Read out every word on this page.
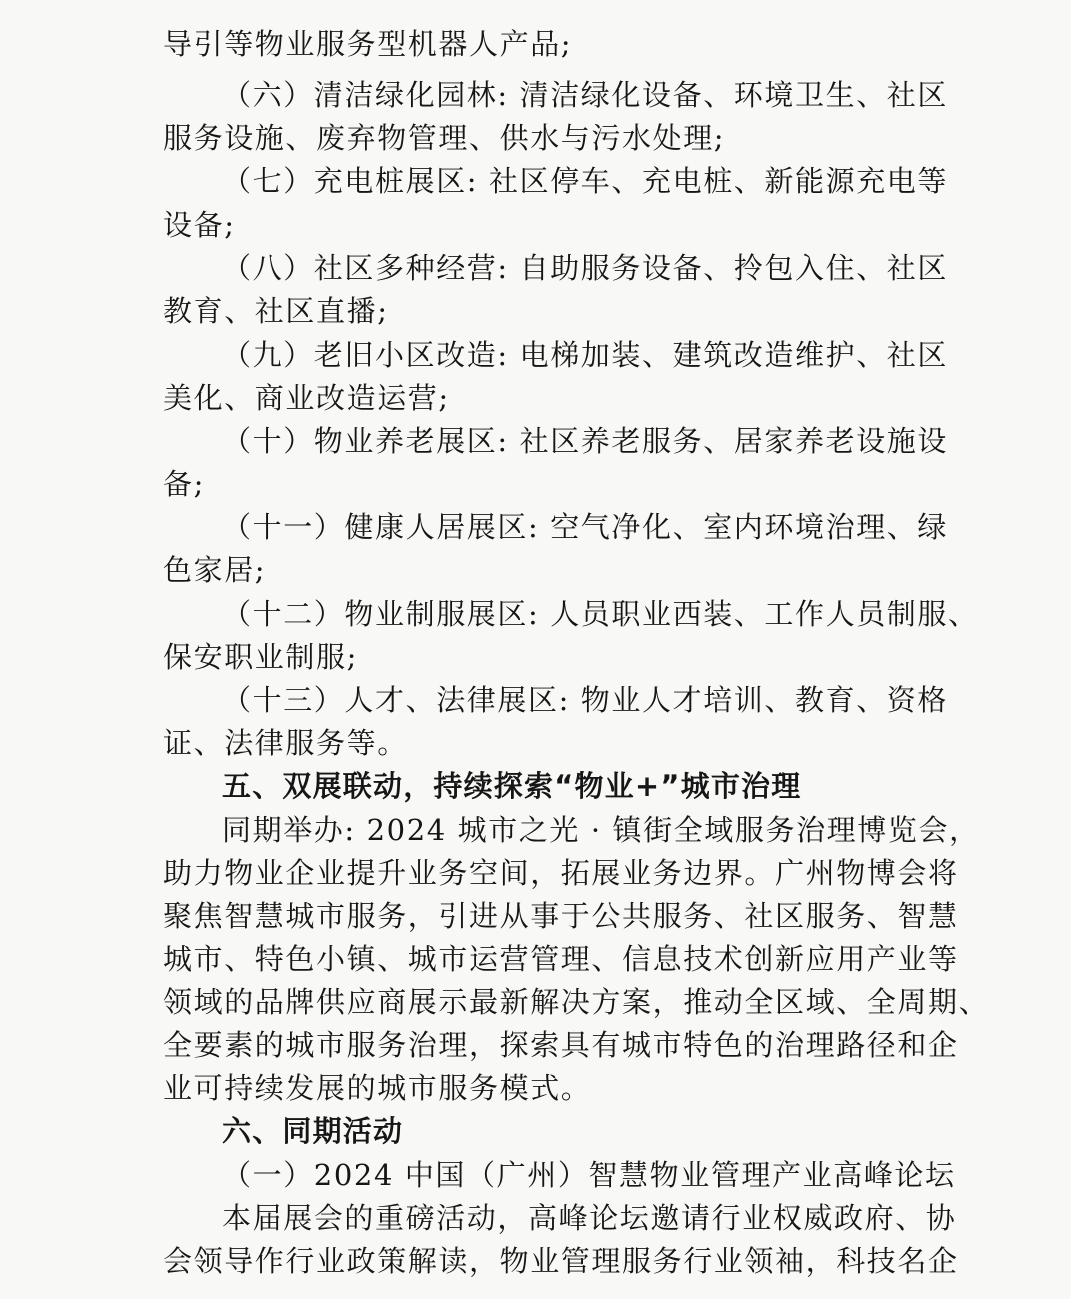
导引等物业服务型机器人产品;
（六）清洁绿化园林: 清洁绿化设备、环境卫生、社区
服务设施、废弃物管理、供水与污水处理;
（七）充电桩展区: 社区停车、充电桩、新能源充电等
设备;
（八）社区多种经营: 自助服务设备、拎包入住、社区
教育、社区直播;
（九）老旧小区改造: 电梯加装、建筑改造维护、社区
美化、商业改造运营;
（十）物业养老展区: 社区养老服务、居家养老设施设
备;
（十一）健康人居展区: 空气净化、室内环境治理、绿
色家居;
（十二）物业制服展区: 人员职业西装、工作人员制服、
保安职业制服;
（十三）人才、法律展区: 物业人才培训、教育、资格
证、法律服务等。
五、双展联动，持续探索“物业+”城市治理
同期举办: 2024 城市之光 · 镇街全域服务治理博览会，
助力物业企业提升业务空间，拓展业务边界。广州物博会将
聚焦智慧城市服务，引进从事于公共服务、社区服务、智慧
城市、特色小镇、城市运营管理、信息技术创新应用产业等
领域的品牌供应商展示最新解决方案，推动全区域、全周期、
全要素的城市服务治理，探索具有城市特色的治理路径和企
业可持续发展的城市服务模式。
六、同期活动
（一）2024 中国（广州）智慧物业管理产业高峰论坛
本届展会的重磅活动，高峰论坛邀请行业权威政府、协
会领导作行业政策解读，物业管理服务行业领袖，科技名企
